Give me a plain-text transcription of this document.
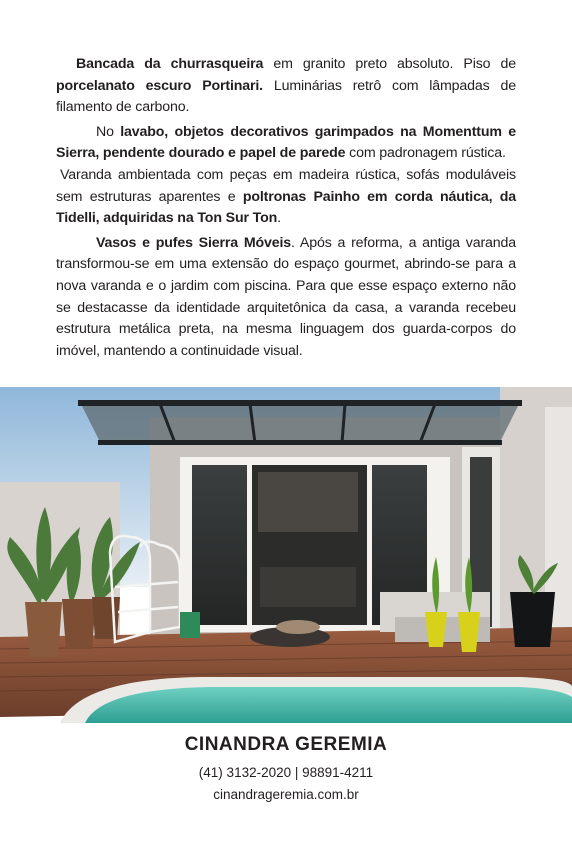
Bancada da churrasqueira em granito preto absoluto. Piso de porcelanato escuro Portinari. Luminárias retrô com lâmpadas de filamento de carbono.

No lavabo, objetos decorativos garimpados na Momenttum e Sierra, pendente dourado e papel de parede com padronagem rústica.

Varanda ambientada com peças em madeira rústica, sofás moduláveis sem estruturas aparentes e poltronas Painho em corda náutica, da Tidelli, adquiridas na Ton Sur Ton.

Vasos e pufes Sierra Móveis. Após a reforma, a antiga varanda transformou-se em uma extensão do espaço gourmet, abrindo-se para a nova varanda e o jardim com piscina. Para que esse espaço externo não se destacasse da identidade arquitetônica da casa, a varanda recebeu estrutura metálica preta, na mesma linguagem dos guarda-corpos do imóvel, mantendo a continuidade visual.

CINANDRA GEREMIA
(41) 3132-2020 | 98891-4211
cinandrageremia.com.br
